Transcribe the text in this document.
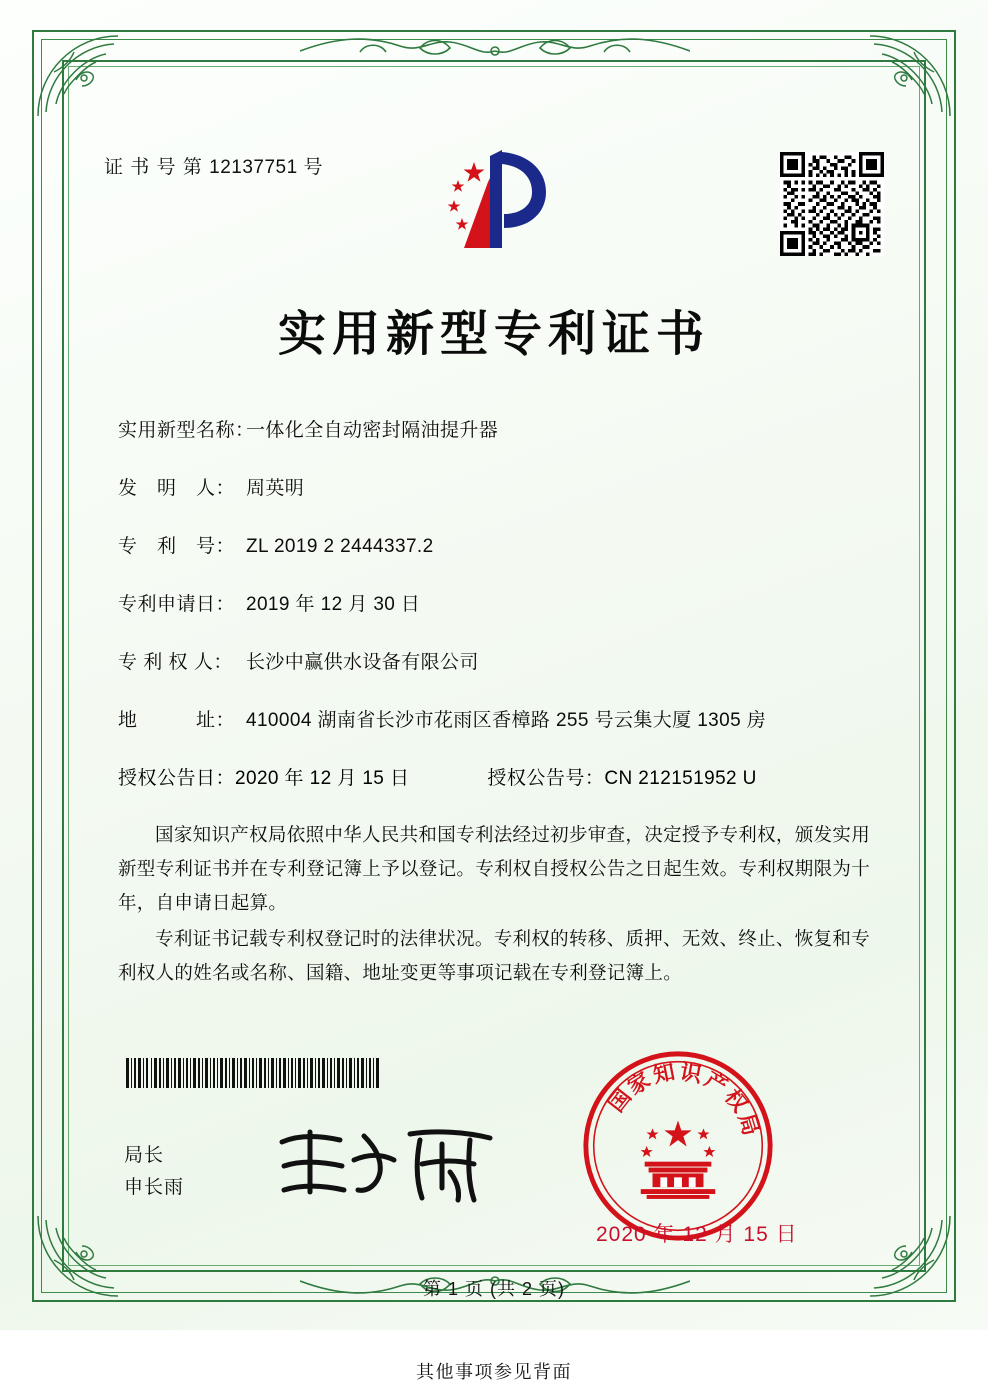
证 书 号 第 12137751 号
实用新型专利证书
实用新型名称：
一体化全自动密封隔油提升器
发　明　人： 周英明
专　利　号： ZL 2019 2 2444337.2
专利申请日： 2019 年 12 月 30 日
专 利 权 人： 长沙中赢供水设备有限公司
地　　　址： 410004 湖南省长沙市花雨区香樟路 255 号云集大厦 1305 房
授权公告日： 2020 年 12 月 15 日	授权公告号： CN 212151952 U

国家知识产权局依照中华人民共和国专利法经过初步审查，决定授予专利权，颁发实用新型专利证书并在专利登记簿上予以登记。专利权自授权公告之日起生效。专利权期限为十年，自申请日起算。

专利证书记载专利权登记时的法律状况。专利权的转移、质押、无效、终止、恢复和专利权人的姓名或名称、国籍、地址变更等事项记载在专利登记簿上。

局长
申长雨
国
家
知 识
产
权
局
2020 年 12 月 15 日
第 1 页 (共 2 页)
其他事项参见背面
